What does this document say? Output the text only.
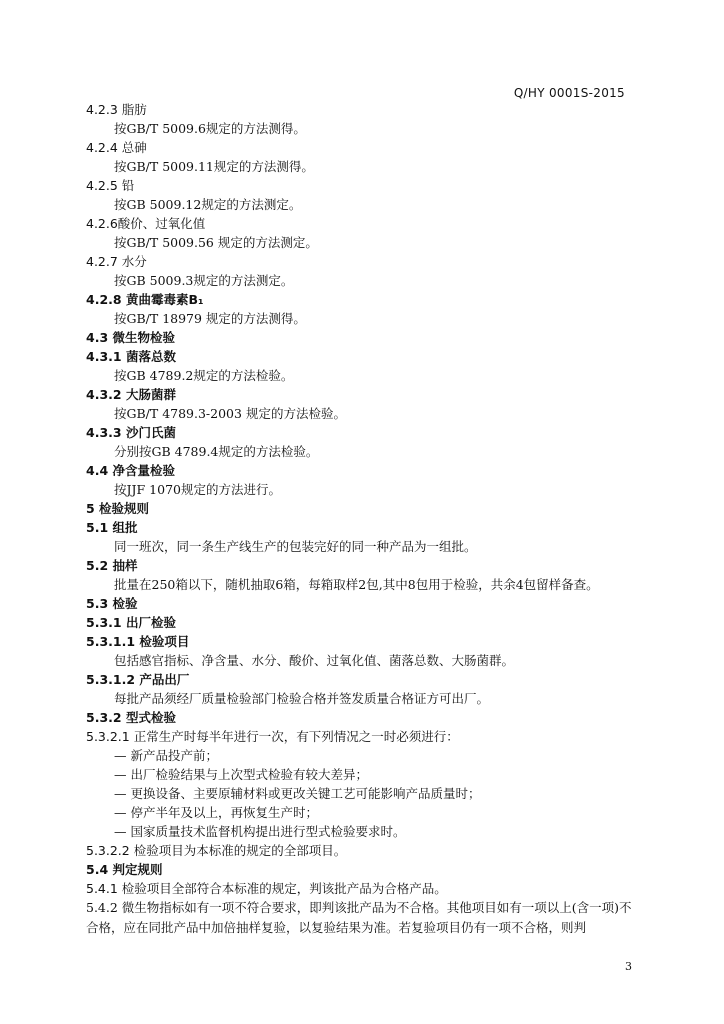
Q/HY 0001S-2015
4.2.3 脂肪
按GB/T 5009.6规定的方法测得。
4.2.4 总砷
按GB/T 5009.11规定的方法测得。
4.2.5 铅
按GB 5009.12规定的方法测定。
4.2.6酸价、过氧化值
按GB/T 5009.56 规定的方法测定。
4.2.7 水分
按GB 5009.3规定的方法测定。
4.2.8 黄曲霉毒素B₁
按GB/T 18979 规定的方法测得。
4.3 微生物检验
4.3.1 菌落总数
按GB 4789.2规定的方法检验。
4.3.2 大肠菌群
按GB/T 4789.3-2003 规定的方法检验。
4.3.3 沙门氏菌
分别按GB 4789.4规定的方法检验。
4.4 净含量检验
按JJF 1070规定的方法进行。
5 检验规则
5.1 组批
同一班次，同一条生产线生产的包装完好的同一种产品为一组批。
5.2 抽样
批量在250箱以下，随机抽取6箱，每箱取样2包,其中8包用于检验，共余4包留样备查。
5.3 检验
5.3.1 出厂检验
5.3.1.1 检验项目
包括感官指标、净含量、水分、酸价、过氧化值、菌落总数、大肠菌群。
5.3.1.2 产品出厂
每批产品须经厂质量检验部门检验合格并签发质量合格证方可出厂。
5.3.2 型式检验
5.3.2.1 正常生产时每半年进行一次，有下列情况之一时必须进行：
— 新产品投产前；
— 出厂检验结果与上次型式检验有较大差异；
— 更换设备、主要原辅材料或更改关键工艺可能影响产品质量时；
— 停产半年及以上，再恢复生产时；
— 国家质量技术监督机构提出进行型式检验要求时。
5.3.2.2 检验项目为本标准的规定的全部项目。
5.4 判定规则
5.4.1 检验项目全部符合本标准的规定，判该批产品为合格产品。
5.4.2 微生物指标如有一项不符合要求，即判该批产品为不合格。其他项目如有一项以上(含一项)不合格，应在同批产品中加倍抽样复验，以复验结果为准。若复验项目仍有一项不合格，则判
3
